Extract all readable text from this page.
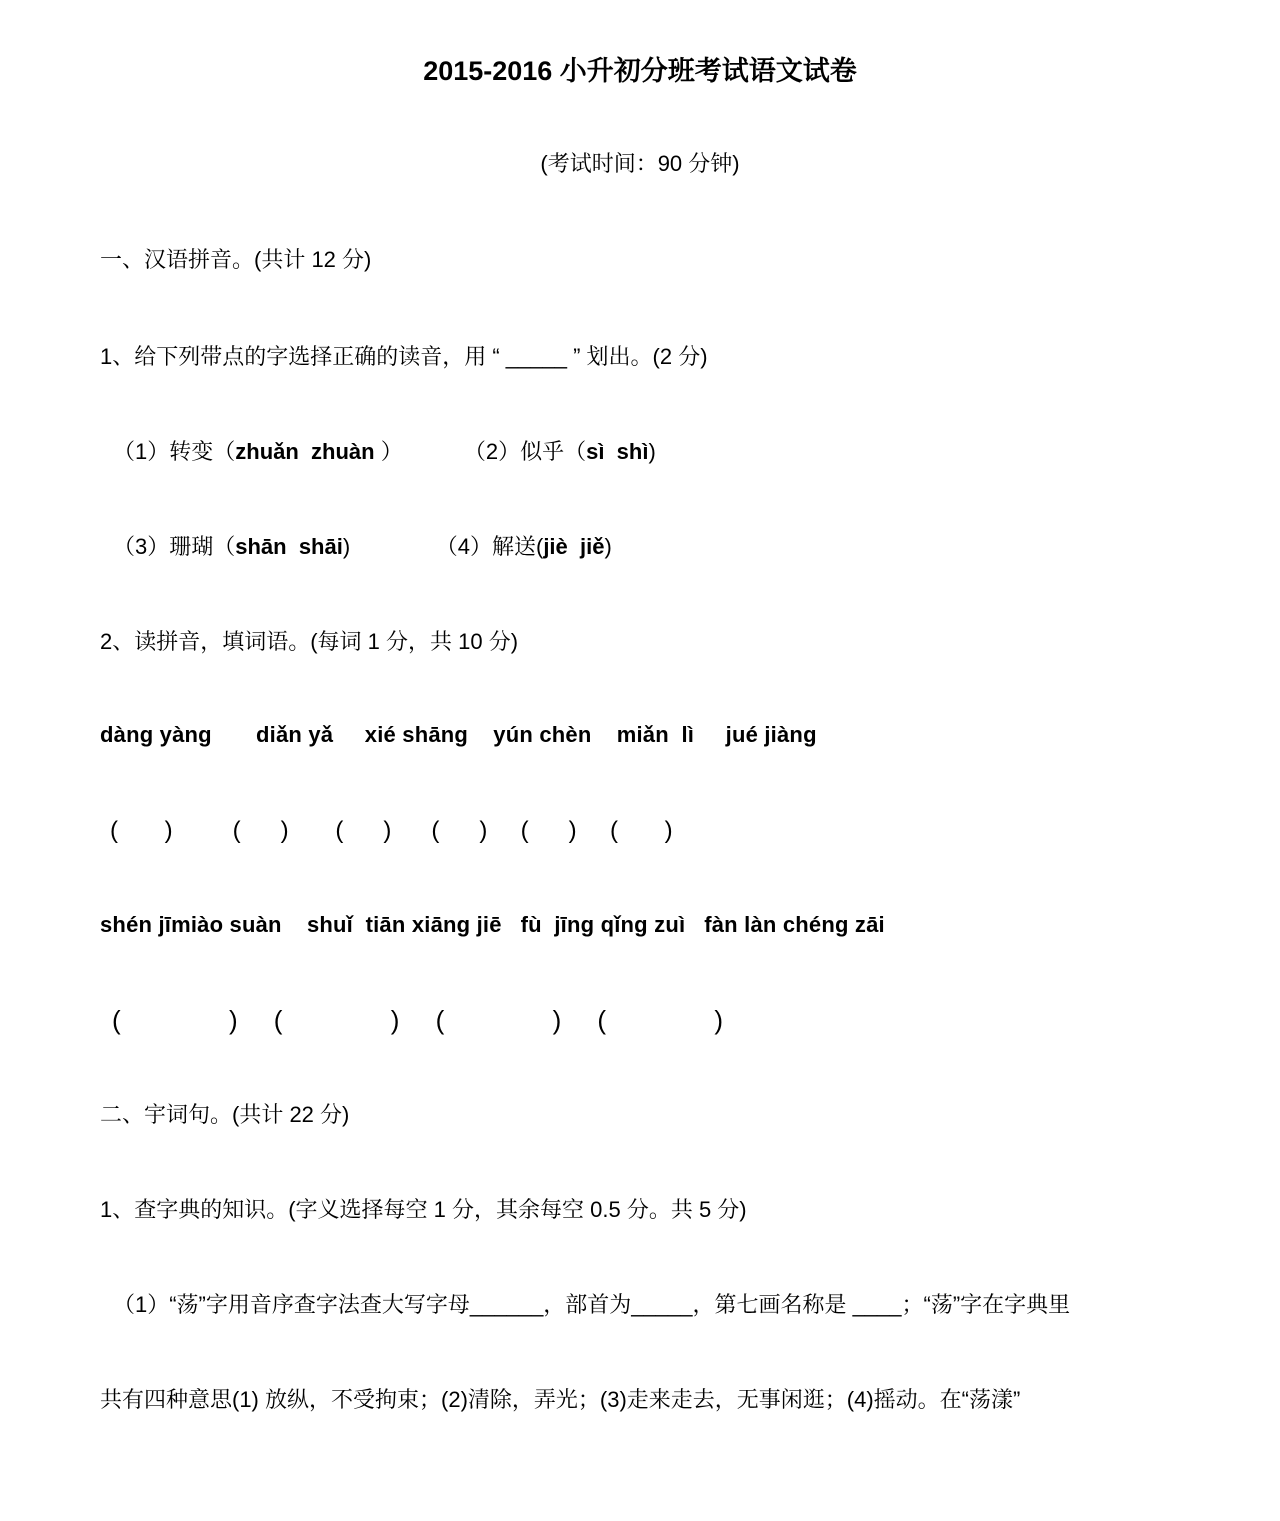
2015-2016 小升初分班考试语文试卷
(考试时间：90 分钟)
一、汉语拼音。(共计 12 分)
1、给下列带点的字选择正确的读音，用 “ _____ ” 划出。(2 分)
（1）转变（zhuǎn  zhuàn ）          （2）似乎（sì  shì)
（3）珊瑚（shān  shāi)              （4）解送(jiè  jiě)
2、读拼音，填词语。(每词 1 分，共 10 分)
dàng yàng       diǎn yǎ     xié shāng    yún chèn    miǎn  lì     jué jiàng
(       )         (      )       (      )      (      )     (      )     (       )
shén jīmiào suàn    shuǐ  tiān xiāng jiē   fù  jīng qǐng zuì   fàn làn chéng zāi
(               )     (               )     (               )     (               )
二、宇词句。(共计 22 分)
1、查字典的知识。(字义选择每空 1 分，其余每空 0.5 分。共 5 分)
（1）“荡”字用音序查字法查大写字母______，部首为_____，第七画名称是 ____；“荡”字在字典里
共有四种意思(1) 放纵，不受拘束；(2)清除，弄光；(3)走来走去，无事闲逛；(4)摇动。在“荡漾”
